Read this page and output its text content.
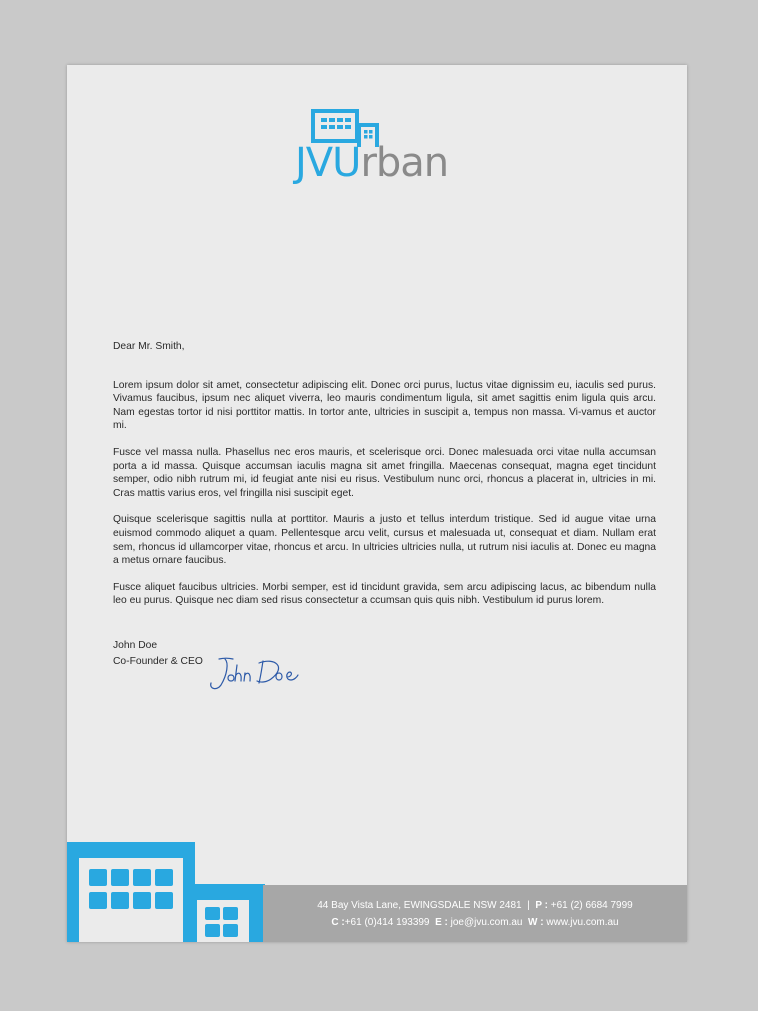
JVUrban

Dear Mr. Smith,

Lorem ipsum dolor sit amet, consectetur adipiscing elit. Donec orci purus, luctus vitae dignissim eu, iaculis sed purus. Vivamus faucibus, ipsum nec aliquet viverra, leo mauris condimentum ligula, sit amet sagittis enim ligula quis arcu. Nam egestas tortor id nisi porttitor mattis. In tortor ante, ultricies in suscipit a, tempus non massa. Vi-vamus et auctor mi.

Fusce vel massa nulla. Phasellus nec eros mauris, et scelerisque orci. Donec malesuada orci vitae nulla accumsan porta a id massa. Quisque accumsan iaculis magna sit amet fringilla. Maecenas consequat, magna eget tincidunt semper, odio nibh rutrum mi, id feugiat ante nisi eu risus. Vestibulum nunc orci, rhoncus a placerat in, ultricies in mi. Cras mattis varius eros, vel fringilla nisi suscipit eget.

Quisque scelerisque sagittis nulla at porttitor. Mauris a justo et tellus interdum tristique. Sed id augue vitae urna euismod commodo aliquet a quam. Pellentesque arcu velit, cursus et malesuada ut, consequat et diam. Nullam erat sem, rhoncus id ullamcorper vitae, rhoncus et arcu. In ultricies ultricies nulla, ut rutrum nisi iaculis at. Donec eu magna a metus ornare faucibus.

Fusce aliquet faucibus ultricies. Morbi semper, est id tincidunt gravida, sem arcu adipiscing lacus, ac bibendum nulla leo eu purus. Quisque nec diam sed risus consectetur a ccumsan quis quis nibh. Vestibulum id purus lorem.

John Doe
Co-Founder & CEO
44 Bay Vista Lane, EWINGSDALE NSW 2481 | P : +61 (2) 6684 7999
C :+61 (0)414 193399 E : joe@jvu.com.au W : www.jvu.com.au
